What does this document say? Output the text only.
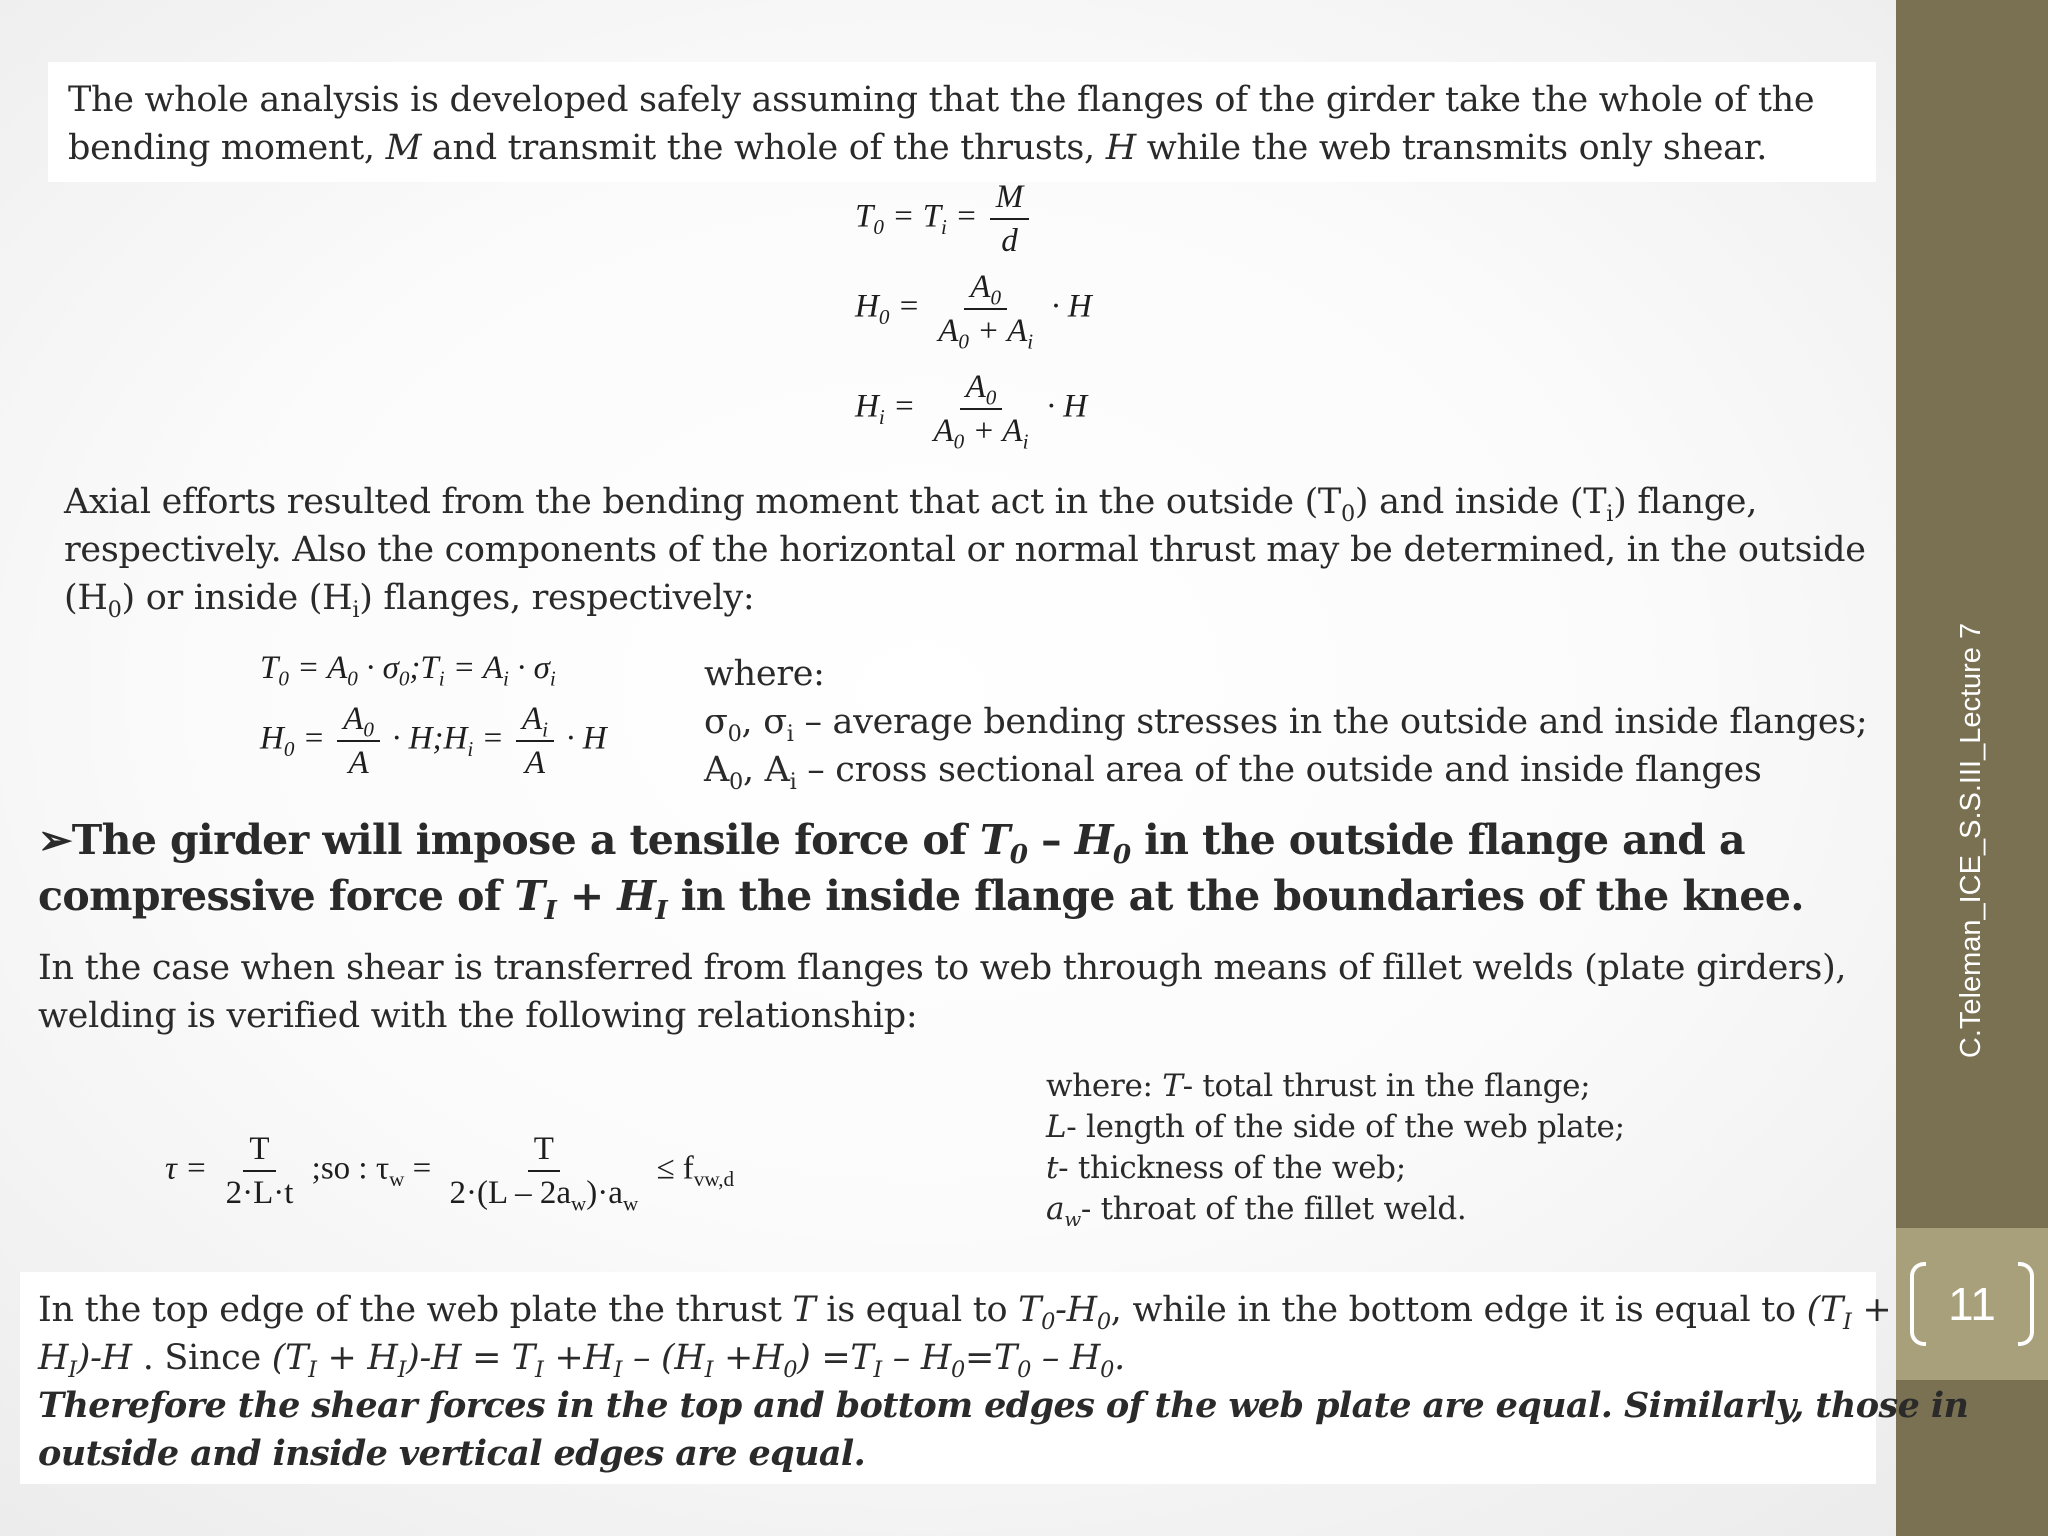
C.Teleman_ICE_S.S.III_Lecture 7
11

The whole analysis is developed safely assuming that the flanges of the girder take the whole of the

bending moment, M and transmit the whole of the thrusts, H while the web transmits only shear.

$T_0 = T_i = \frac{M}{d}$
$H_0 = \frac{A_0}{A_0 + A_i} \cdot H$
$H_i = \frac{A_0}{A_0 + A_i} \cdot H$

Axial efforts resulted from the bending moment that act in the outside $(T_0)$ and inside $(T_i)$ flange,

respectively. Also the components of the horizontal or normal thrust may be determined, in the outside

$(H_0)$ or inside $(H_i)$ flanges, respectively:

$T_0 = A_0$ · $\sigma_0;T_i = A_i \cdot \sigma_i$
$H_0 = \frac{A_0}{A}$ · $H;H_i = \frac{A_i}{A} \cdot H$

where:

$\sigma_0$, $\sigma_i$ – average bending stresses in the outside and inside flanges;

$A_0$, $A_i$ – cross sectional area of the outside and inside flanges

➢The girder will impose a tensile force of $T_0 - H_0$ in the outside flange and a

compressive force of $T_I + H_I$ in the inside flange at the boundaries of the knee.

In the case when shear is transferred from flanges to web through means of fillet welds (plate girders),

welding is verified with the following relationship:

$\tau = \frac{T}{2\cdot L\cdot t}$ ;so : $\tau_w = \frac{T}{2\cdot(L - 2a_w)\cdot a_w} \le f_{vw,d}$

where: T- total thrust in the flange;

L- length of the side of the web plate;

t- thickness of the web;

$a_w-$ throat of the fillet weld.

In the top edge of the web plate the thrust T is equal to $T_0-H_0$, while in the bottom edge it is equal to ($T_I$ +

$H_I)-H$ . Since $(T_I + H_I)-H = T_I +H_I - (H_I +H_0) =T_I - H_0=T_0 - H_0$.

Therefore the shear forces in the top and bottom edges of the web plate are equal. Similarly, those in

outside and inside vertical edges are equal.
